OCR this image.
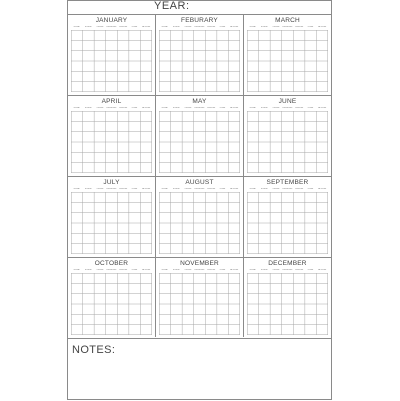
YEAR:
JANUARY
SUNDAY	MONDAY	TUESDAY	WEDNESDAY	THURSDAY	FRIDAY	SATURDAY
FEBURARY
SUNDAY	MONDAY	TUESDAY	WEDNESDAY	THURSDAY	FRIDAY	SATURDAY
MARCH
SUNDAY	MONDAY	TUESDAY	WEDNESDAY	THURSDAY	FRIDAY	SATURDAY
APRIL
SUNDAY	MONDAY	TUESDAY	WEDNESDAY	THURSDAY	FRIDAY	SATURDAY
MAY
SUNDAY	MONDAY	TUESDAY	WEDNESDAY	THURSDAY	FRIDAY	SATURDAY
JUNE
SUNDAY	MONDAY	TUESDAY	WEDNESDAY	THURSDAY	FRIDAY	SATURDAY
JULY
SUNDAY	MONDAY	TUESDAY	WEDNESDAY	THURSDAY	FRIDAY	SATURDAY
AUGUST
SUNDAY	MONDAY	TUESDAY	WEDNESDAY	THURSDAY	FRIDAY	SATURDAY
SEPTEMBER
SUNDAY	MONDAY	TUESDAY	WEDNESDAY	THURSDAY	FRIDAY	SATURDAY
OCTOBER
SUNDAY	MONDAY	TUESDAY	WEDNESDAY	THURSDAY	FRIDAY	SATURDAY
NOVEMBER
SUNDAY	MONDAY	TUESDAY	WEDNESDAY	THURSDAY	FRIDAY	SATURDAY
DECEMBER
SUNDAY	MONDAY	TUESDAY	WEDNESDAY	THURSDAY	FRIDAY	SATURDAY
NOTES:
